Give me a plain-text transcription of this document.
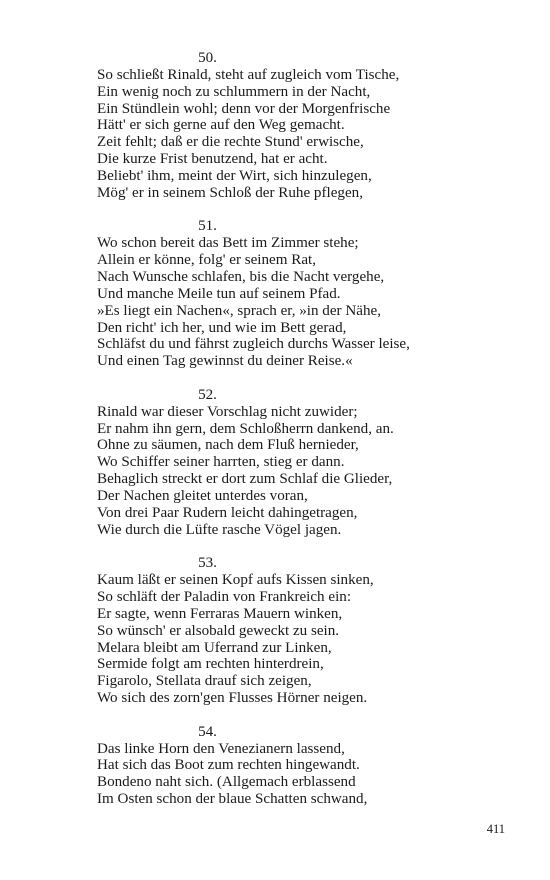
50.
So schließt Rinald, steht auf zugleich vom Tische,
Ein wenig noch zu schlummern in der Nacht,
Ein Stündlein wohl; denn vor der Morgenfrische
Hätt' er sich gerne auf den Weg gemacht.
Zeit fehlt; daß er die rechte Stund' erwische,
Die kurze Frist benutzend, hat er acht.
Beliebt' ihm, meint der Wirt, sich hinzulegen,
Mög' er in seinem Schloß der Ruhe pflegen,
51.
Wo schon bereit das Bett im Zimmer stehe;
Allein er könne, folg' er seinem Rat,
Nach Wunsche schlafen, bis die Nacht vergehe,
Und manche Meile tun auf seinem Pfad.
»Es liegt ein Nachen«, sprach er, »in der Nähe,
Den richt' ich her, und wie im Bett gerad,
Schläfst du und fährst zugleich durchs Wasser leise,
Und einen Tag gewinnst du deiner Reise.«
52.
Rinald war dieser Vorschlag nicht zuwider;
Er nahm ihn gern, dem Schloßherrn dankend, an.
Ohne zu säumen, nach dem Fluß hernieder,
Wo Schiffer seiner harrten, stieg er dann.
Behaglich streckt er dort zum Schlaf die Glieder,
Der Nachen gleitet unterdes voran,
Von drei Paar Rudern leicht dahingetragen,
Wie durch die Lüfte rasche Vögel jagen.
53.
Kaum läßt er seinen Kopf aufs Kissen sinken,
So schläft der Paladin von Frankreich ein:
Er sagte, wenn Ferraras Mauern winken,
So wünsch' er alsobald geweckt zu sein.
Melara bleibt am Uferrand zur Linken,
Sermide folgt am rechten hinterdrein,
Figarolo, Stellata drauf sich zeigen,
Wo sich des zorn'gen Flusses Hörner neigen.
54.
Das linke Horn den Venezianern lassend,
Hat sich das Boot zum rechten hingewandt.
Bondeno naht sich. (Allgemach erblassend
Im Osten schon der blaue Schatten schwand,
411
